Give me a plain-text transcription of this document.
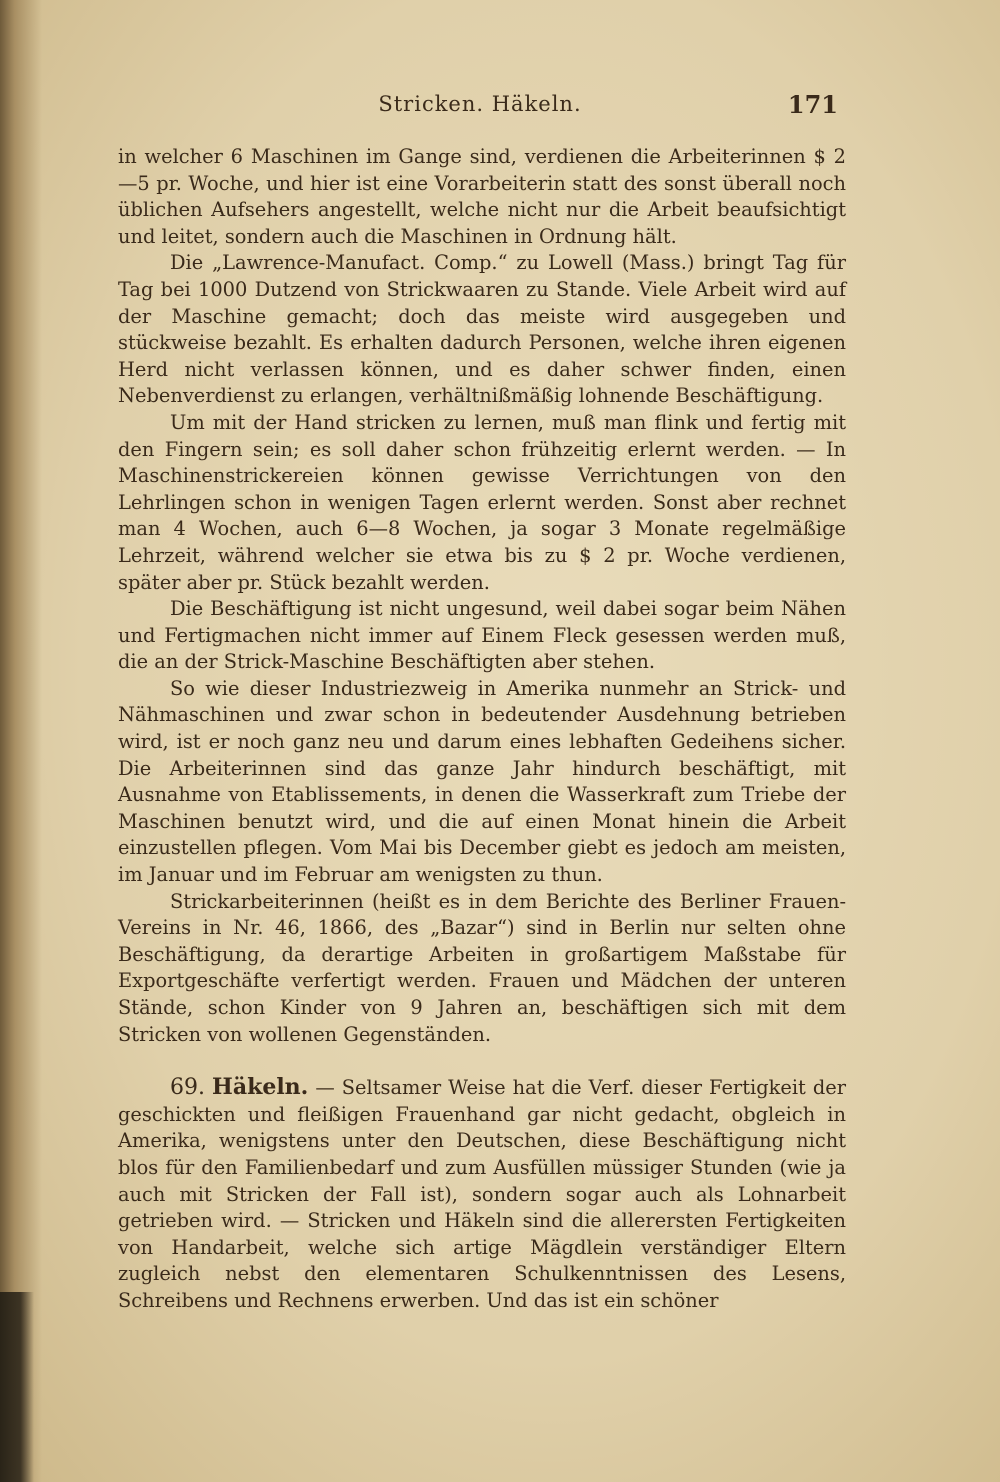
Stricken. Häkeln.	171

in welcher 6 Maschinen im Gange sind, verdienen die Arbeiterinnen $ 2—5 pr. Woche, und hier ist eine Vorarbeiterin statt des sonst überall noch üblichen Aufsehers angestellt, welche nicht nur die Arbeit beaufsichtigt und leitet, sondern auch die Maschinen in Ordnung hält.

Die „Lawrence-Manufact. Comp.“ zu Lowell (Mass.) bringt Tag für Tag bei 1000 Dutzend von Strickwaaren zu Stande. Viele Arbeit wird auf der Maschine gemacht; doch das meiste wird ausgegeben und stückweise bezahlt. Es erhalten dadurch Personen, welche ihren eigenen Herd nicht verlassen können, und es daher schwer finden, einen Nebenverdienst zu erlangen, verhältnißmäßig lohnende Beschäftigung.

Um mit der Hand stricken zu lernen, muß man flink und fertig mit den Fingern sein; es soll daher schon frühzeitig erlernt werden. — In Maschinenstrickereien können gewisse Verrichtungen von den Lehrlingen schon in wenigen Tagen erlernt werden. Sonst aber rechnet man 4 Wochen, auch 6—8 Wochen, ja sogar 3 Monate regelmäßige Lehrzeit, während welcher sie etwa bis zu $ 2 pr. Woche verdienen, später aber pr. Stück bezahlt werden.

Die Beschäftigung ist nicht ungesund, weil dabei sogar beim Nähen und Fertigmachen nicht immer auf Einem Fleck gesessen werden muß, die an der Strick-Maschine Beschäftigten aber stehen.

So wie dieser Industriezweig in Amerika nunmehr an Strick- und Nähmaschinen und zwar schon in bedeutender Ausdehnung betrieben wird, ist er noch ganz neu und darum eines lebhaften Gedeihens sicher. Die Arbeiterinnen sind das ganze Jahr hindurch beschäftigt, mit Ausnahme von Etablissements, in denen die Wasserkraft zum Triebe der Maschinen benutzt wird, und die auf einen Monat hinein die Arbeit einzustellen pflegen. Vom Mai bis December giebt es jedoch am meisten, im Januar und im Februar am wenigsten zu thun.

Strickarbeiterinnen (heißt es in dem Berichte des Berliner Frauen-Vereins in Nr. 46, 1866, des „Bazar“) sind in Berlin nur selten ohne Beschäftigung, da derartige Arbeiten in großartigem Maßstabe für Exportgeschäfte verfertigt werden. Frauen und Mädchen der unteren Stände, schon Kinder von 9 Jahren an, beschäftigen sich mit dem Stricken von wollenen Gegenständen.

69. Häkeln. — Seltsamer Weise hat die Verf. dieser Fertigkeit der geschickten und fleißigen Frauenhand gar nicht gedacht, obgleich in Amerika, wenigstens unter den Deutschen, diese Beschäftigung nicht blos für den Familienbedarf und zum Ausfüllen müssiger Stunden (wie ja auch mit Stricken der Fall ist), sondern sogar auch als Lohnarbeit getrieben wird. — Stricken und Häkeln sind die allerersten Fertigkeiten von Handarbeit, welche sich artige Mägdlein verständiger Eltern zugleich nebst den elementaren Schulkenntnissen des Lesens, Schreibens und Rechnens erwerben. Und das ist ein schöner
